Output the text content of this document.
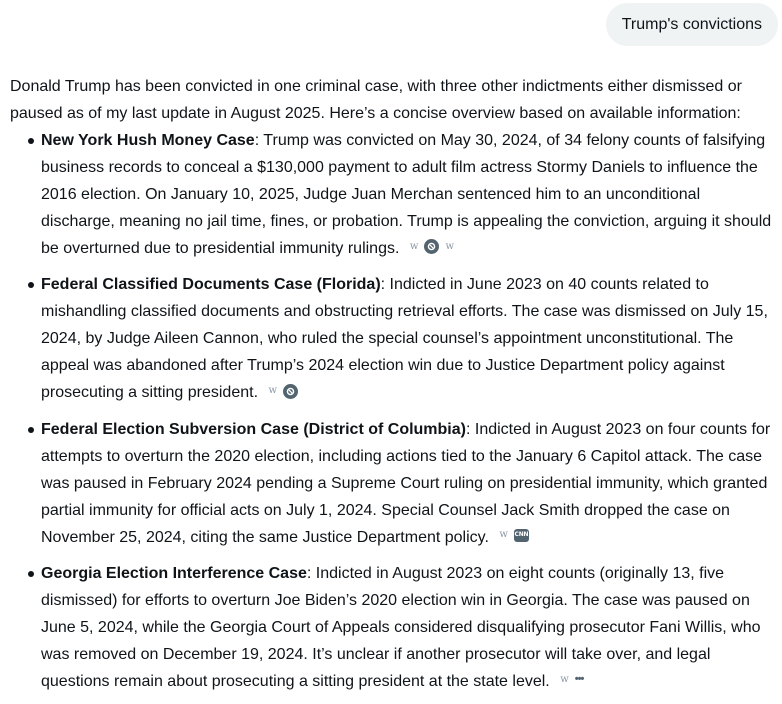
Trump's convictions

Donald Trump has been convicted in one criminal case, with three other indictments either dismissed or paused as of my last update in August 2025. Here’s a concise overview based on available information:

New York Hush Money Case: Trump was convicted on May 30, 2024, of 34 felony counts of falsifying business records to conceal a $130,000 payment to adult film actress Stormy Daniels to influence the 2016 election. On January 10, 2025, Judge Juan Merchan sentenced him to an unconditional discharge, meaning no jail time, fines, or probation. Trump is appealing the conviction, arguing it should be overturned due to presidential immunity rulings. w	w
Federal Classified Documents Case (Florida): Indicted in June 2023 on 40 counts related to mishandling classified documents and obstructing retrieval efforts. The case was dismissed on July 15, 2024, by Judge Aileen Cannon, who ruled the special counsel’s appointment unconstitutional. The appeal was abandoned after Trump’s 2024 election win due to Justice Department policy against prosecuting a sitting president. w
Federal Election Subversion Case (District of Columbia): Indicted in August 2023 on four counts for attempts to overturn the 2020 election, including actions tied to the January 6 Capitol attack. The case was paused in February 2024 pending a Supreme Court ruling on presidential immunity, which granted partial immunity for official acts on July 1, 2024. Special Counsel Jack Smith dropped the case on November 25, 2024, citing the same Justice Department policy. w CNN
Georgia Election Interference Case: Indicted in August 2023 on eight counts (originally 13, five dismissed) for efforts to overturn Joe Biden’s 2020 election win in Georgia. The case was paused on June 5, 2024, while the Georgia Court of Appeals considered disqualifying prosecutor Fani Willis, who was removed on December 19, 2024. It’s unclear if another prosecutor will take over, and legal questions remain about prosecuting a sitting president at the state level. w •••
